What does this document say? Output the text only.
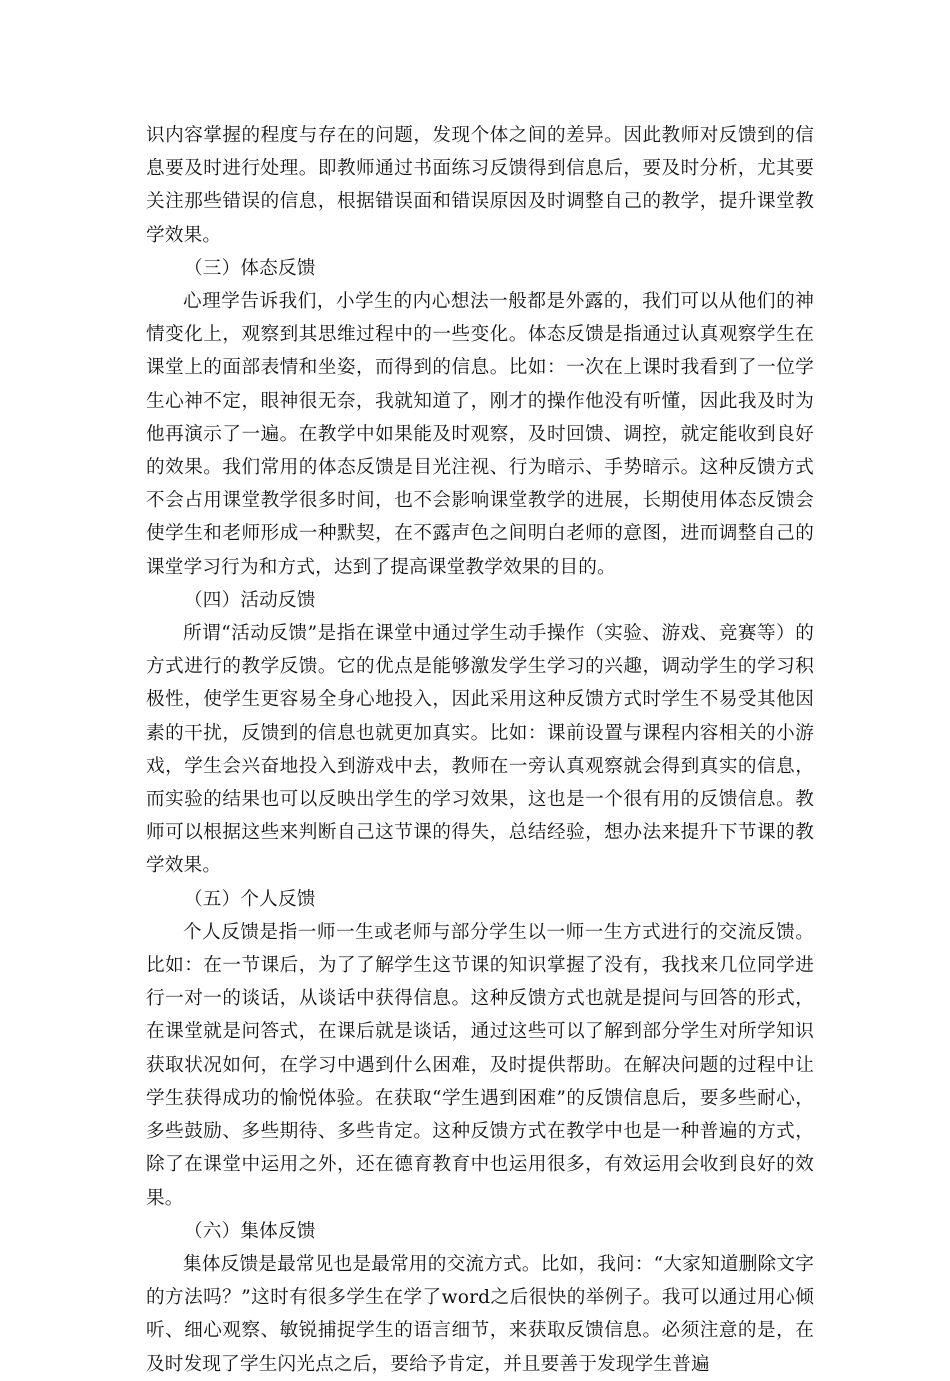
识内容掌握的程度与存在的问题，发现个体之间的差异。因此教师对反馈到的信息要及时进行处理。即教师通过书面练习反馈得到信息后，要及时分析，尤其要关注那些错误的信息，根据错误面和错误原因及时调整自己的教学，提升课堂教学效果。

（三）体态反馈

心理学告诉我们，小学生的内心想法一般都是外露的，我们可以从他们的神情变化上，观察到其思维过程中的一些变化。体态反馈是指通过认真观察学生在课堂上的面部表情和坐姿，而得到的信息。比如：一次在上课时我看到了一位学生心神不定，眼神很无奈，我就知道了，刚才的操作他没有听懂，因此我及时为他再演示了一遍。在教学中如果能及时观察，及时回馈、调控，就定能收到良好的效果。我们常用的体态反馈是目光注视、行为暗示、手势暗示。这种反馈方式不会占用课堂教学很多时间，也不会影响课堂教学的进展，长期使用体态反馈会使学生和老师形成一种默契，在不露声色之间明白老师的意图，进而调整自己的课堂学习行为和方式，达到了提高课堂教学效果的目的。

（四）活动反馈

所谓“活动反馈”是指在课堂中通过学生动手操作（实验、游戏、竞赛等）的方式进行的教学反馈。它的优点是能够激发学生学习的兴趣，调动学生的学习积极性，使学生更容易全身心地投入，因此采用这种反馈方式时学生不易受其他因素的干扰，反馈到的信息也就更加真实。比如：课前设置与课程内容相关的小游戏，学生会兴奋地投入到游戏中去，教师在一旁认真观察就会得到真实的信息，而实验的结果也可以反映出学生的学习效果，这也是一个很有用的反馈信息。教师可以根据这些来判断自己这节课的得失，总结经验，想办法来提升下节课的教学效果。

（五）个人反馈

个人反馈是指一师一生或老师与部分学生以一师一生方式进行的交流反馈。比如：在一节课后，为了了解学生这节课的知识掌握了没有，我找来几位同学进行一对一的谈话，从谈话中获得信息。这种反馈方式也就是提问与回答的形式，在课堂就是问答式，在课后就是谈话，通过这些可以了解到部分学生对所学知识获取状况如何，在学习中遇到什么困难，及时提供帮助。在解决问题的过程中让学生获得成功的愉悦体验。在获取“学生遇到困难”的反馈信息后，要多些耐心，多些鼓励、多些期待、多些肯定。这种反馈方式在教学中也是一种普遍的方式，除了在课堂中运用之外，还在德育教育中也运用很多，有效运用会收到良好的效果。

（六）集体反馈

集体反馈是最常见也是最常用的交流方式。比如，我问：“大家知道删除文字的方法吗？”这时有很多学生在学了word之后很快的举例子。我可以通过用心倾听、细心观察、敏锐捕捉学生的语言细节，来获取反馈信息。必须注意的是，在及时发现了学生闪光点之后，要给予肯定，并且要善于发现学生普遍
